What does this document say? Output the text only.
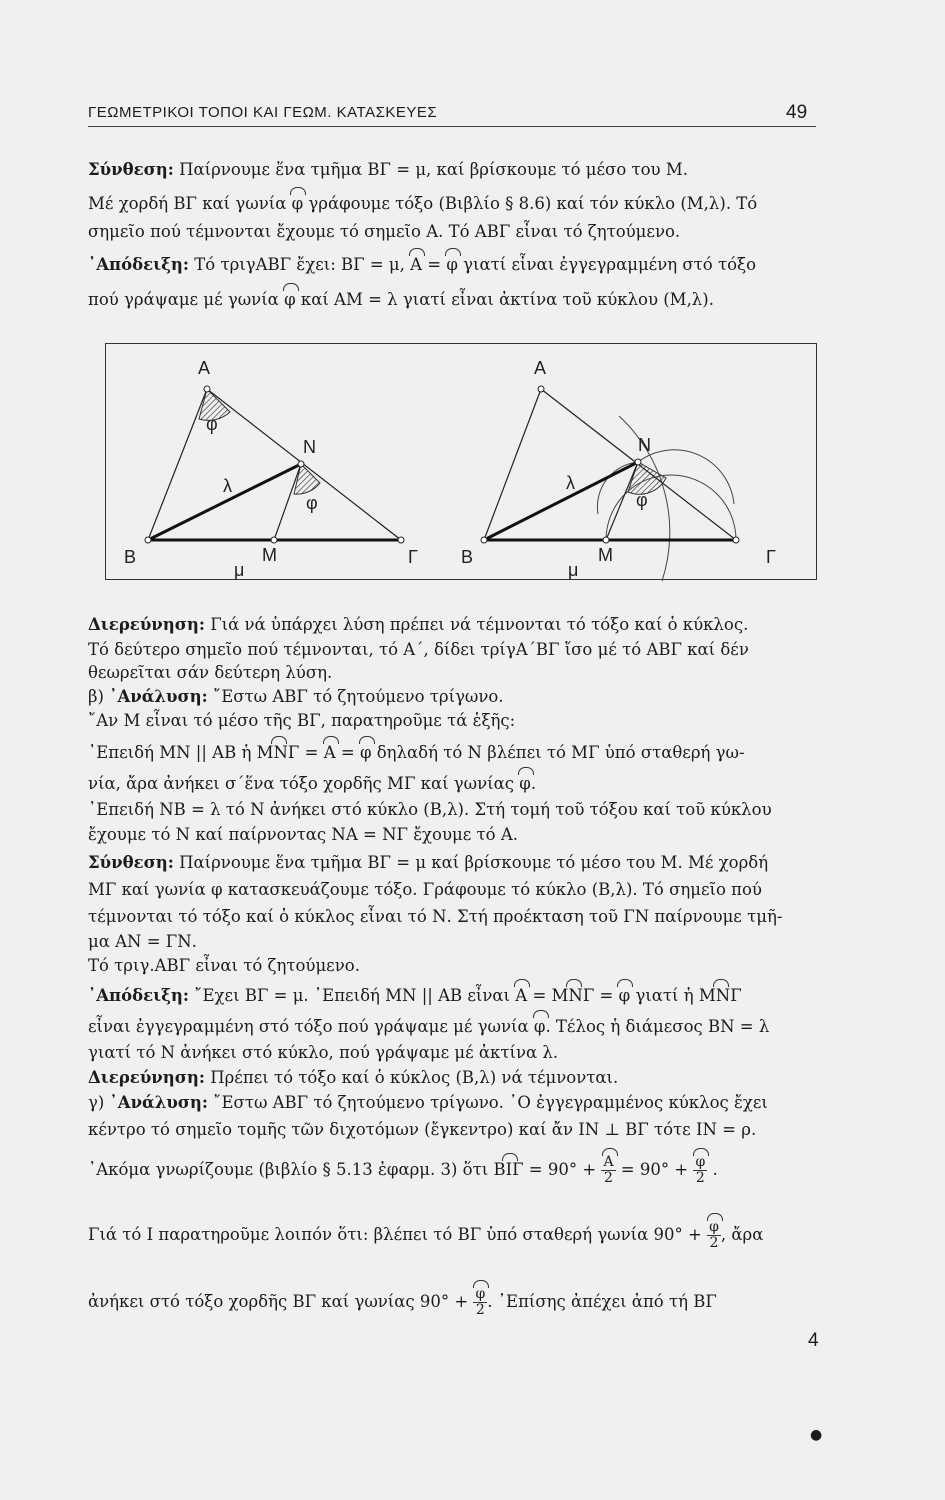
ΓΕΩΜΕΤΡΙΚΟΙ ΤΟΠΟΙ ΚΑΙ ΓΕΩΜ. ΚΑΤΑΣΚΕΥΕΣ	49
Σύνθεση: Παίρνουμε ἕνα τμῆμα ΒΓ = μ, καί βρίσκουμε τό μέσο του Μ.
Μέ χορδή ΒΓ καί γωνία φ γράφουμε τόξο (Βιβλίο § 8.6) καί τόν κύκλο (Μ,λ). Τό
σημεῖο πού τέμνονται ἔχουμε τό σημεῖο Α. Τό ΑΒΓ εἶναι τό ζητούμενο.
᾿Απόδειξη: Τό τριγΑΒΓ ἔχει: ΒΓ = μ, Α = φ γιατί εἶναι ἐγγεγραμμένη στό τόξο
πού γράψαμε μέ γωνία φ καί ΑΜ = λ γιατί εἶναι ἀκτίνα τοῦ κύκλου (Μ,λ).
Α
Β	Γ
Μ
μ
Ν
λ
φ
φ
Α
Β	Γ
Μ
μ
Ν
λ
φ
Διερεύνηση: Γιά νά ὑπάρχει λύση πρέπει νά τέμνονται τό τόξο καί ὁ κύκλος.
Τό δεύτερο σημεῖο πού τέμνονται, τό Α΄, δίδει τρίγΑ΄ΒΓ ἴσο μέ τό ΑΒΓ καί δέν
θεωρεῖται σάν δεύτερη λύση.
β) ᾿Ανάλυση: ῎Εστω ΑΒΓ τό ζητούμενο τρίγωνο.
῎Αν Μ εἶναι τό μέσο τῆς ΒΓ, παρατηροῦμε τά ἑξῆς:
᾿Επειδή ΜΝ || ΑΒ ἡ ΜΝΓ = Α = φ δηλαδή τό Ν βλέπει τό ΜΓ ὑπό σταθερή γω-
νία, ἄρα ἀνήκει σ΄ἕνα τόξο χορδῆς ΜΓ καί γωνίας φ.
᾿Επειδή ΝΒ = λ τό Ν ἀνήκει στό κύκλο (Β,λ). Στή τομή τοῦ τόξου καί τοῦ κύκλου
ἔχουμε τό Ν καί παίρνοντας ΝΑ = ΝΓ ἔχουμε τό Α.
Σύνθεση: Παίρνουμε ἕνα τμῆμα ΒΓ = μ καί βρίσκουμε τό μέσο του Μ. Μέ χορδή
ΜΓ καί γωνία φ κατασκευάζουμε τόξο. Γράφουμε τό κύκλο (Β,λ). Τό σημεῖο πού
τέμνονται τό τόξο καί ὁ κύκλος εἶναι τό Ν. Στή προέκταση τοῦ ΓΝ παίρνουμε τμῆ-
μα ΑΝ = ΓΝ.
Τό τριγ.ΑΒΓ εἶναι τό ζητούμενο.
᾿Απόδειξη: ῎Εχει ΒΓ = μ. ᾿Επειδή ΜΝ || ΑΒ εἶναι Α = ΜΝΓ = φ γιατί ἡ ΜΝΓ
εἶναι ἐγγεγραμμένη στό τόξο πού γράψαμε μέ γωνία φ. Τέλος ἡ διάμεσος ΒΝ = λ
γιατί τό Ν ἀνήκει στό κύκλο, πού γράψαμε μέ ἀκτίνα λ.
Διερεύνηση: Πρέπει τό τόξο καί ὁ κύκλος (Β,λ) νά τέμνονται.
γ) ᾿Ανάλυση: ῎Εστω ΑΒΓ τό ζητούμενο τρίγωνο. ῾Ο ἐγγεγραμμένος κύκλος ἔχει
κέντρο τό σημεῖο τομῆς τῶν διχοτόμων (ἔγκεντρο) καί ἄν ΙΝ ⊥ ΒΓ τότε ΙΝ = ρ.
᾿Ακόμα γνωρίζουμε (βιβλίο § 5.13 ἐφαρμ. 3) ὅτι $BI\Gamma = 90^\circ + \frac{A}{2} = 90^\circ + \frac{\varphi}{2}$ .
Γιά τό Ι παρατηροῦμε λοιπόν ὅτι: βλέπει τό ΒΓ ὑπό σταθερή γωνία $90^\circ + \frac{\varphi}{2}$ , ἄρα
ἀνήκει στό τόξο χορδῆς ΒΓ καί γωνίας $90^\circ + \frac{\varphi}{2}$ . ᾿Επίσης ἀπέχει ἀπό τή ΒΓ
4
●
